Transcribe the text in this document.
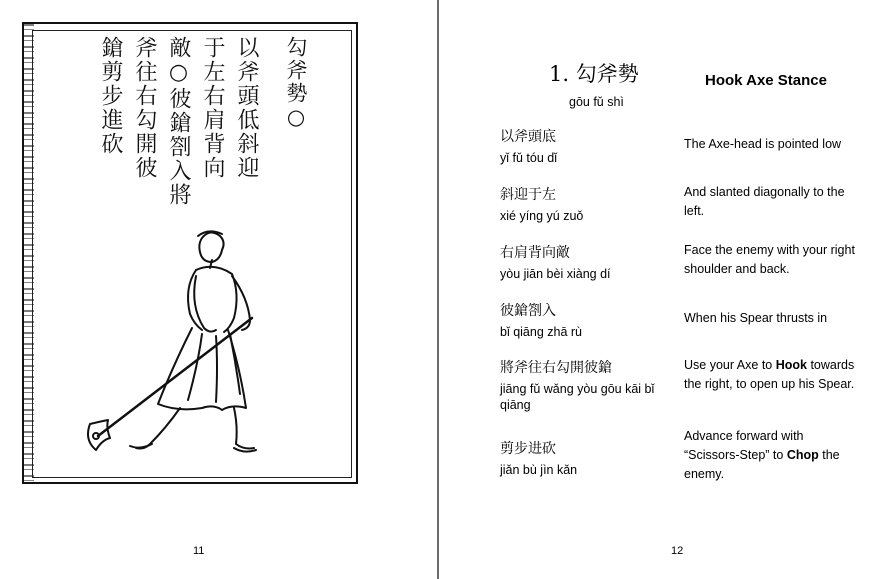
勾斧勢○
以斧頭低斜迎
于左右肩背向
敵○彼鎗劄入將
斧往右勾開彼
鎗剪步進砍
11
1. 勾斧勢
gōu fǔ shì
Hook Axe Stance
以斧頭底
yǐ fǔ tóu dǐ
The Axe-head is pointed low
斜迎于左
xié yíng yú zuǒ
And slanted diagonally to the left.
右肩背向敵
yòu jiān bèi xiàng dí
Face the enemy with your right shoulder and back.
彼鎗劄入
bǐ qiāng zhā rù
When his Spear thrusts in
將斧往右勾開彼鎗
jiāng fǔ wǎng yòu gōu kāi bǐ qiāng
Use your Axe to Hook towards the right, to open up his Spear.
剪步进砍
jiǎn bù jìn kǎn
Advance forward with “Scissors-Step” to Chop the enemy.
12
